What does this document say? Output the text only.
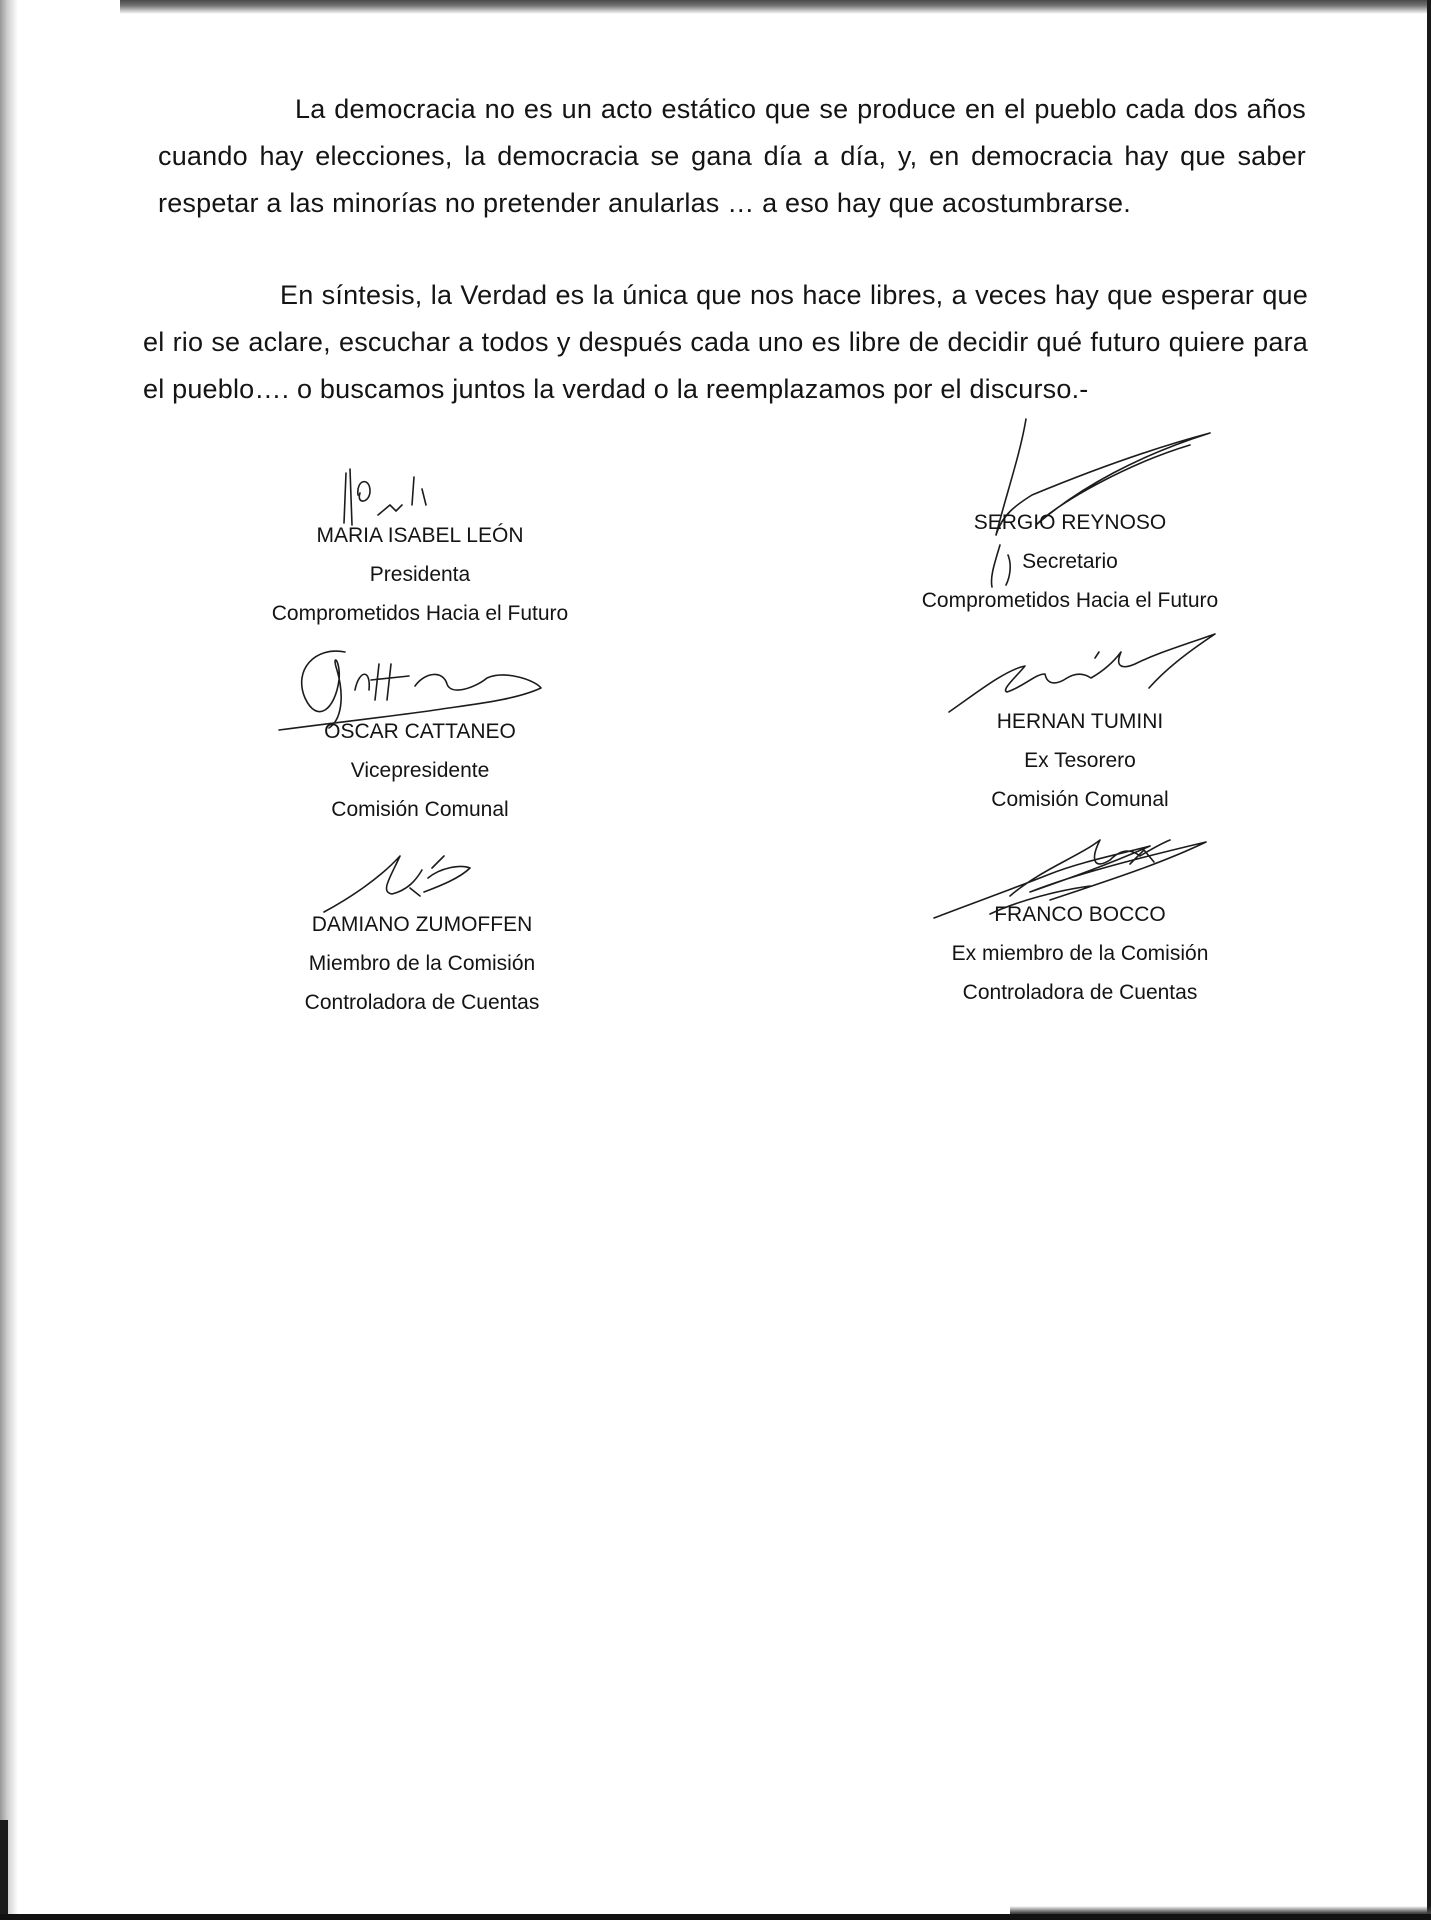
La democracia no es un acto estático que se produce en el pueblo cada dos años cuando hay elecciones, la democracia se gana día a día, y, en democracia hay que saber respetar a las minorías no pretender anularlas … a eso hay que acostumbrarse.
En síntesis, la Verdad es la única que nos hace libres, a veces hay que esperar que el rio se aclare, escuchar a todos y después cada uno es libre de decidir qué futuro quiere para el pueblo…. o buscamos juntos la verdad o la reemplazamos por el discurso.-
MARIA ISABEL LEÓN
Presidenta
Comprometidos Hacia el Futuro
SERGIO REYNOSO
Secretario
Comprometidos Hacia el Futuro
OSCAR CATTANEO
Vicepresidente
Comisión Comunal
HERNAN TUMINI
Ex Tesorero
Comisión Comunal
DAMIANO ZUMOFFEN
Miembro de la Comisión
Controladora de Cuentas
FRANCO BOCCO
Ex miembro de la Comisión
Controladora de Cuentas
